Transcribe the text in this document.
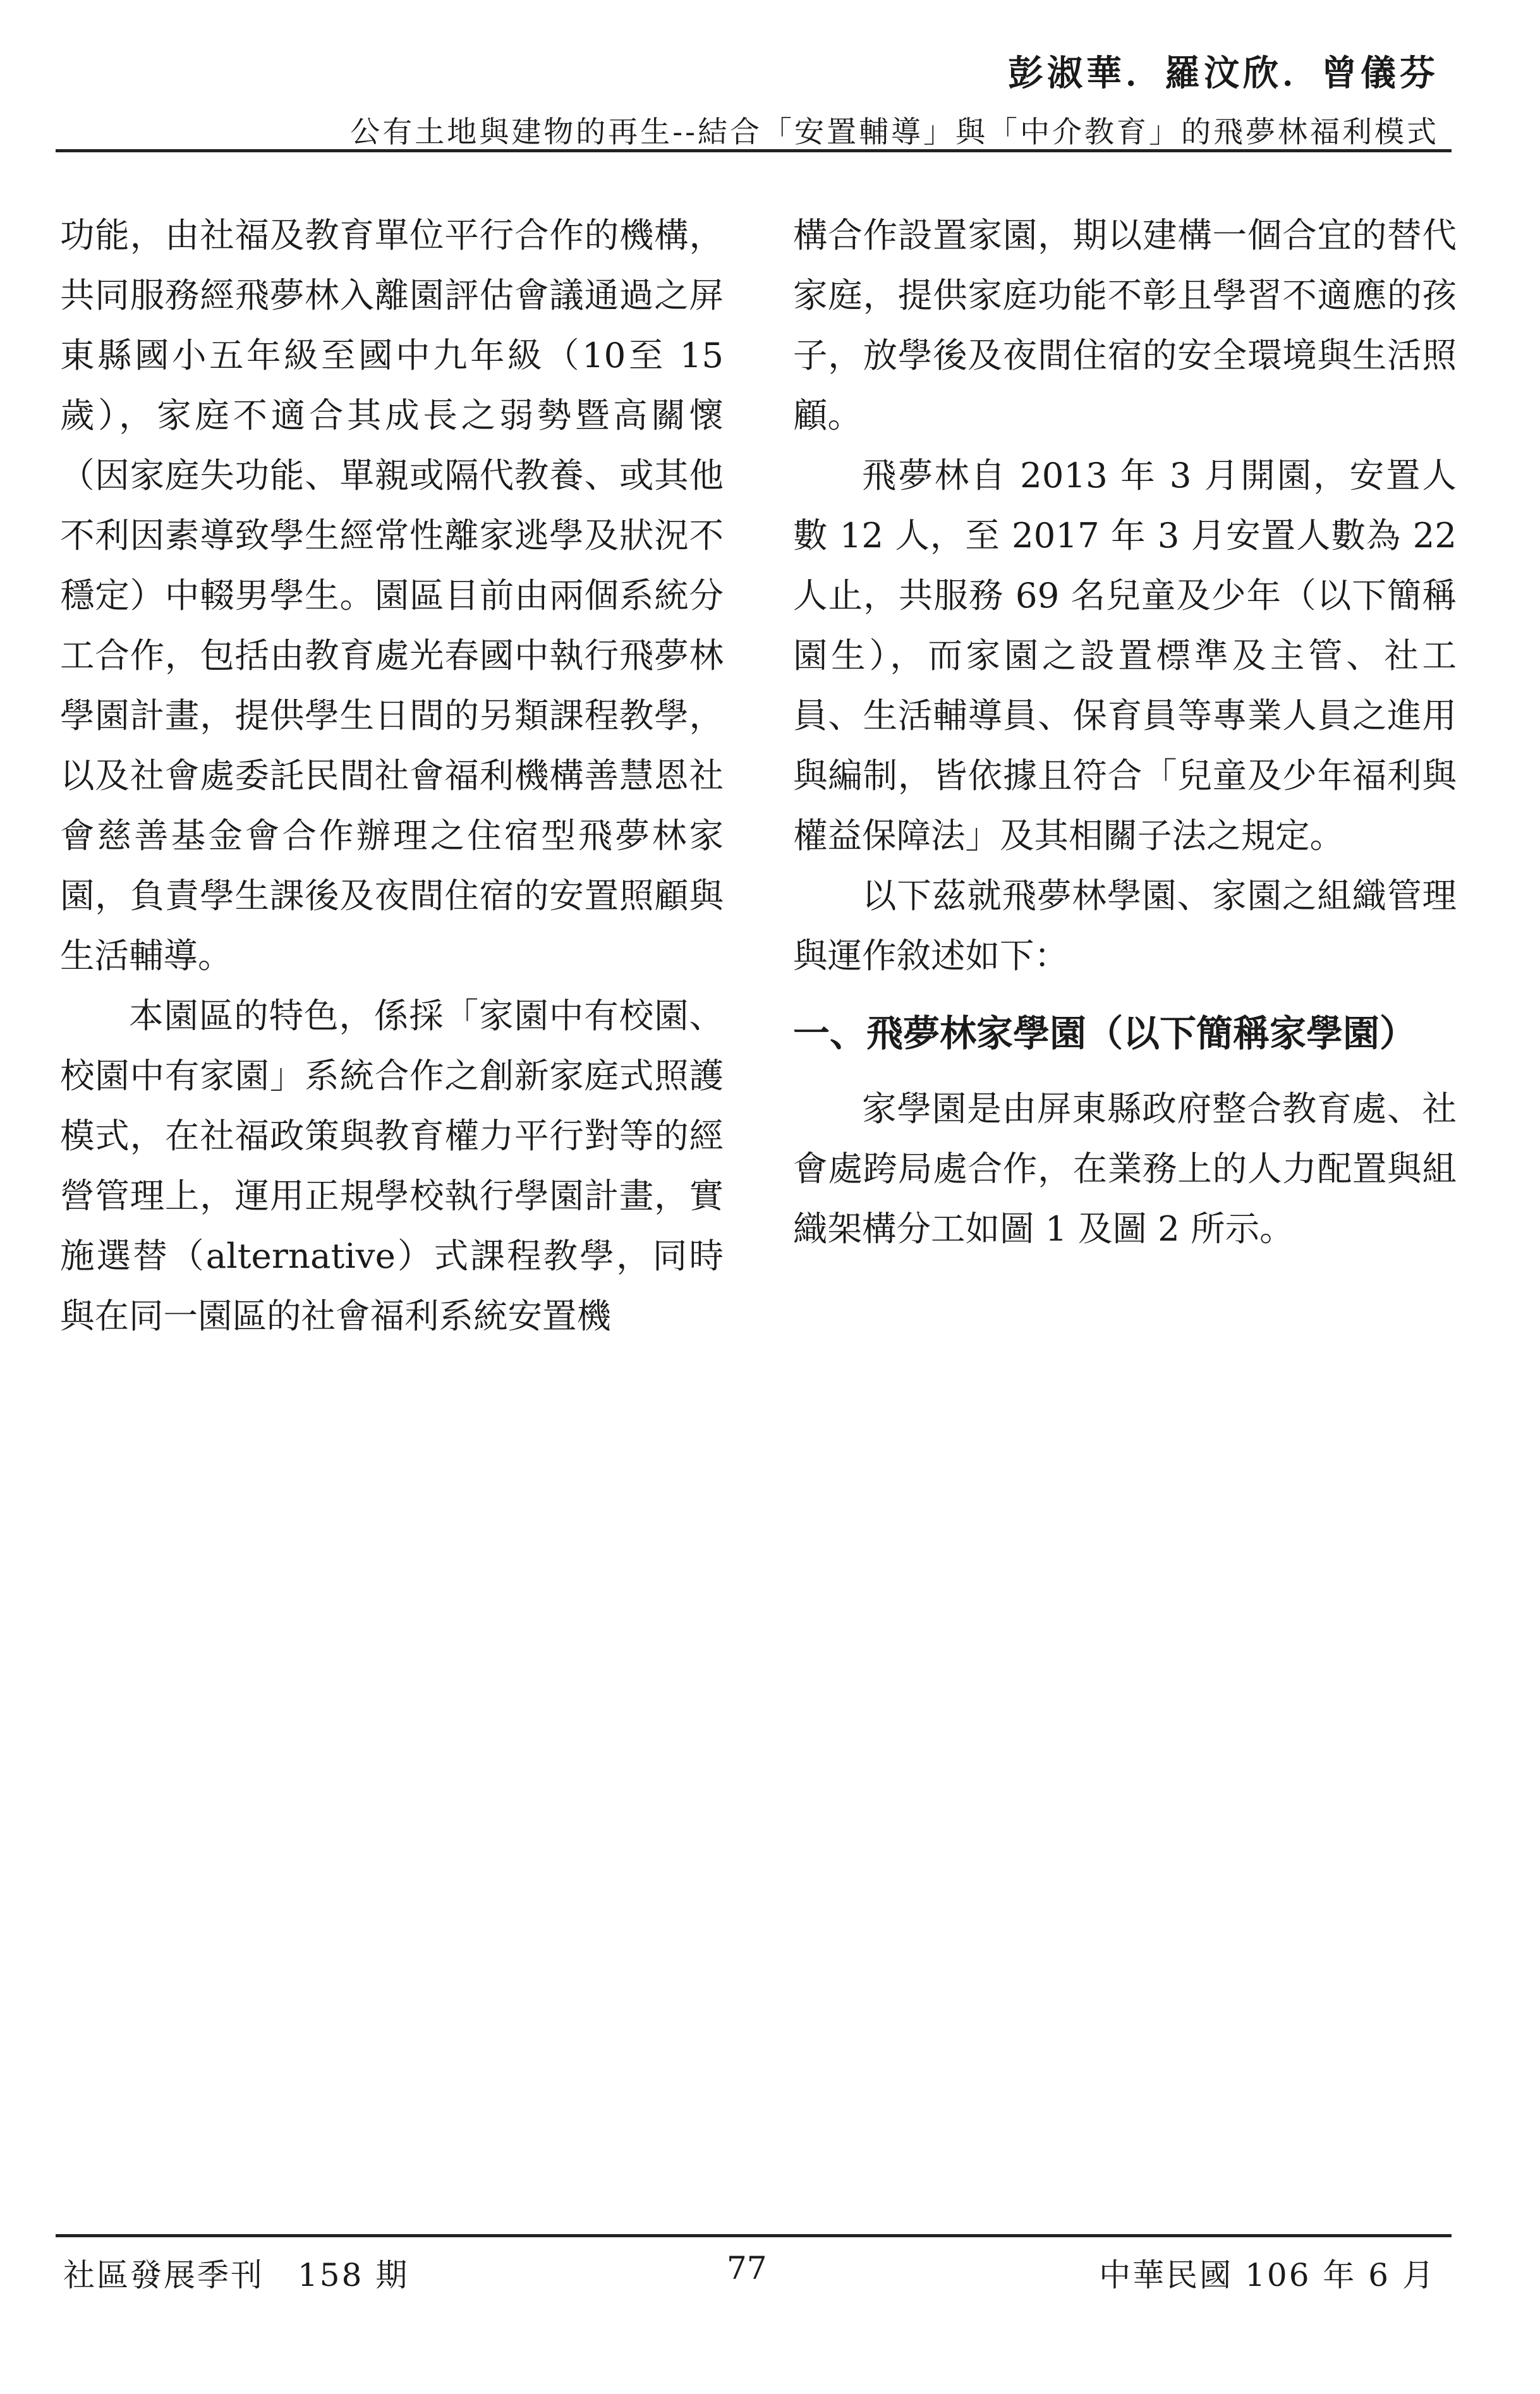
彭淑華．羅汶欣．曾儀芬
公有土地與建物的再生--結合「安置輔導」與「中介教育」的飛夢林福利模式

功能，由社福及教育單位平行合作的機構，共同服務經飛夢林入離園評估會議通過之屏東縣國小五年級至國中九年級（10至 15 歲），家庭不適合其成長之弱勢暨高關懷（因家庭失功能、單親或隔代教養、或其他不利因素導致學生經常性離家逃學及狀況不穩定）中輟男學生。園區目前由兩個系統分工合作，包括由教育處光春國中執行飛夢林學園計畫，提供學生日間的另類課程教學，以及社會處委託民間社會福利機構善慧恩社會慈善基金會合作辦理之住宿型飛夢林家園，負責學生課後及夜間住宿的安置照顧與生活輔導。

本園區的特色，係採「家園中有校園、校園中有家園」系統合作之創新家庭式照護模式，在社福政策與教育權力平行對等的經營管理上，運用正規學校執行學園計畫，實施選替（alternative）式課程教學，同時與在同一園區的社會福利系統安置機

構合作設置家園，期以建構一個合宜的替代家庭，提供家庭功能不彰且學習不適應的孩子，放學後及夜間住宿的安全環境與生活照顧。

飛夢林自 2013 年 3 月開園，安置人數 12 人，至 2017 年 3 月安置人數為 22 人止，共服務 69 名兒童及少年（以下簡稱園生），而家園之設置標準及主管、社工員、生活輔導員、保育員等專業人員之進用與編制，皆依據且符合「兒童及少年福利與權益保障法」及其相關子法之規定。

以下茲就飛夢林學園、家園之組織管理與運作敘述如下：

一、飛夢林家學園（以下簡稱家學園）

家學園是由屏東縣政府整合教育處、社會處跨局處合作，在業務上的人力配置與組織架構分工如圖 1 及圖 2 所示。

社區發展季刊　158 期	77	中華民國 106 年 6 月
